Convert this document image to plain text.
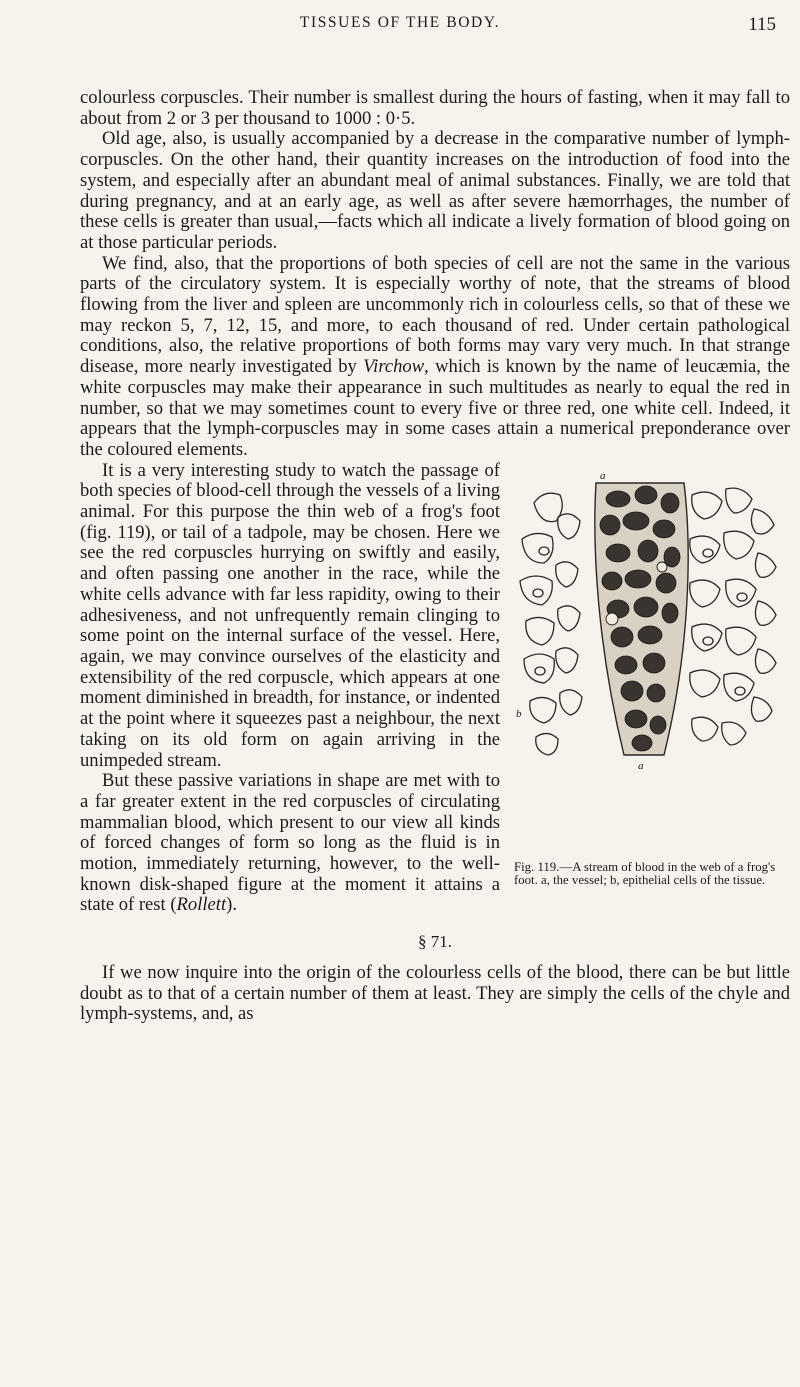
TISSUES OF THE BODY.	115

colourless corpuscles. Their number is smallest during the hours of fasting, when it may fall to about from 2 or 3 per thousand to 1000 : 0·5.

Old age, also, is usually accompanied by a decrease in the comparative number of lymph-corpuscles. On the other hand, their quantity increases on the introduction of food into the system, and especially after an abundant meal of animal substances. Finally, we are told that during pregnancy, and at an early age, as well as after severe hæmorrhages, the number of these cells is greater than usual,—facts which all indicate a lively formation of blood going on at those particular periods.

We find, also, that the proportions of both species of cell are not the same in the various parts of the circulatory system. It is especially worthy of note, that the streams of blood flowing from the liver and spleen are uncommonly rich in colourless cells, so that of these we may reckon 5, 7, 12, 15, and more, to each thousand of red. Under certain pathological conditions, also, the relative proportions of both forms may vary very much. In that strange disease, more nearly investigated by Virchow, which is known by the name of leucæmia, the white corpuscles may make their appearance in such multitudes as nearly to equal the red in number, so that we may sometimes count to every five or three red, one white cell. Indeed, it appears that the lymph-corpuscles may in some cases attain a numerical preponderance over the coloured elements.

a
b
a
Fig. 119.—A stream of blood in the web of a frog's foot. a, the vessel; b, epithelial cells of the tissue.

It is a very interesting study to watch the passage of both species of blood-cell through the vessels of a living animal. For this purpose the thin web of a frog's foot (fig. 119), or tail of a tadpole, may be chosen. Here we see the red corpuscles hurrying on swiftly and easily, and often passing one another in the race, while the white cells advance with far less rapidity, owing to their adhesiveness, and not unfrequently remain clinging to some point on the internal surface of the vessel. Here, again, we may convince ourselves of the elasticity and extensibility of the red corpuscle, which appears at one moment diminished in breadth, for instance, or indented at the point where it squeezes past a neighbour, the next taking on its old form on again arriving in the unimpeded stream.

But these passive variations in shape are met with to a far greater extent in the red corpuscles of circulating mammalian blood, which present to our view all kinds of forced changes of form so long as the fluid is in motion, immediately returning, however, to the well-known disk-shaped figure at the moment it attains a state of rest (Rollett).

§ 71.

If we now inquire into the origin of the colourless cells of the blood, there can be but little doubt as to that of a certain number of them at least. They are simply the cells of the chyle and lymph-systems, and, as
